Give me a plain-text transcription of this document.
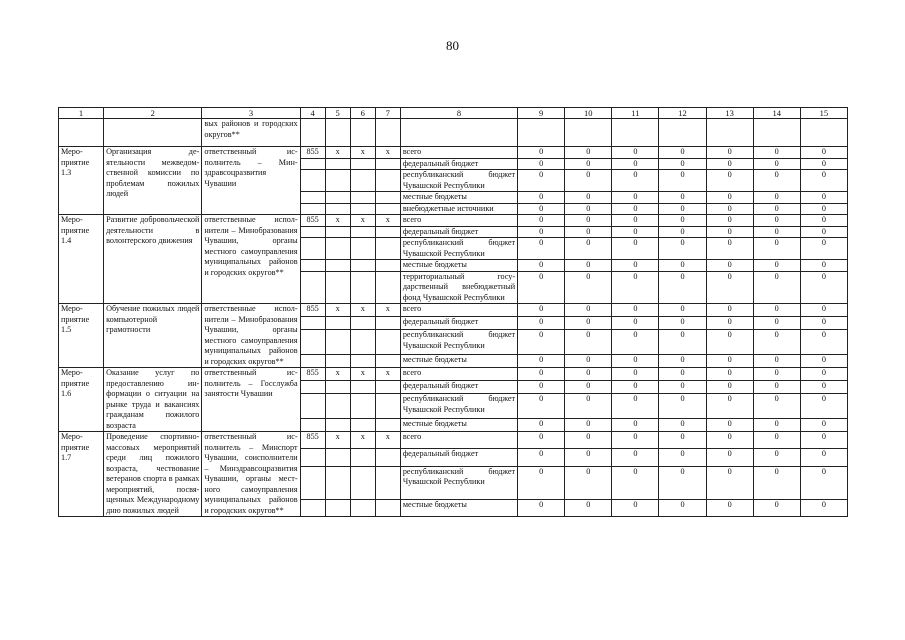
80
1	2	3	4	5	6	7	8	9	10	11	12	13	14	15
		вых районов и городских округов**												
Мероприятие 1.3	Организация деятельности межведомственной комиссии по проблемам пожилых людей	ответственный исполнитель – Минздравсоцразвития Чувашии	855	x	x	x	всего	0	0	0	0	0	0	0
							федеральный бюджет	0	0	0	0	0	0	0
							республиканский бюджет Чувашской Республики	0	0	0	0	0	0	0
							местные бюджеты	0	0	0	0	0	0	0
							внебюджетные источники	0	0	0	0	0	0	0
Мероприятие 1.4	Развитие добровольческой деятельности в волонтерского движения	ответственные исполнители – Минобразования Чувашии, органы местного самоуправления муниципальных районов и городских округов**	855	x	x	x	всего	0	0	0	0	0	0	0
							федеральный бюджет	0	0	0	0	0	0	0
							республиканский бюджет Чувашской Республики	0	0	0	0	0	0	0
							местные бюджеты	0	0	0	0	0	0	0
							территориальный государственный внебюджетный фонд Чувашской Республики	0	0	0	0	0	0	0
Мероприятие 1.5	Обучение пожилых людей компьютерной грамотности	ответственные исполнители – Минобразования Чувашии, органы местного самоуправления муниципальных районов и городских округов**	855	x	x	x	всего	0	0	0	0	0	0	0
							федеральный бюджет	0	0	0	0	0	0	0
							республиканский бюджет Чувашской Республики	0	0	0	0	0	0	0
							местные бюджеты	0	0	0	0	0	0	0
Мероприятие 1.6	Оказание услуг по предоставлению информации о ситуации на рынке труда и вакансиях гражданам пожилого возраста	ответственный исполнитель – Госслужба занятости Чувашии	855	x	x	x	всего	0	0	0	0	0	0	0
							федеральный бюджет	0	0	0	0	0	0	0
							республиканский бюджет Чувашской Республики	0	0	0	0	0	0	0
							местные бюджеты	0	0	0	0	0	0	0
Мероприятие 1.7	Проведение спортивно-массовых мероприятий среди лиц пожилого возраста, чествование ветеранов спорта в рамках мероприятий, посвященных Международному дню пожилых людей	ответственный исполнитель – Минспорт Чувашии, соисполнители – Минздравсоцразвития Чувашии, органы местного самоуправления муниципальных районов и городских округов**	855	x	x	x	всего	0	0	0	0	0	0	0
							федеральный бюджет	0	0	0	0	0	0	0
							республиканский бюджет Чувашской Республики	0	0	0	0	0	0	0
							местные бюджеты	0	0	0	0	0	0	0
